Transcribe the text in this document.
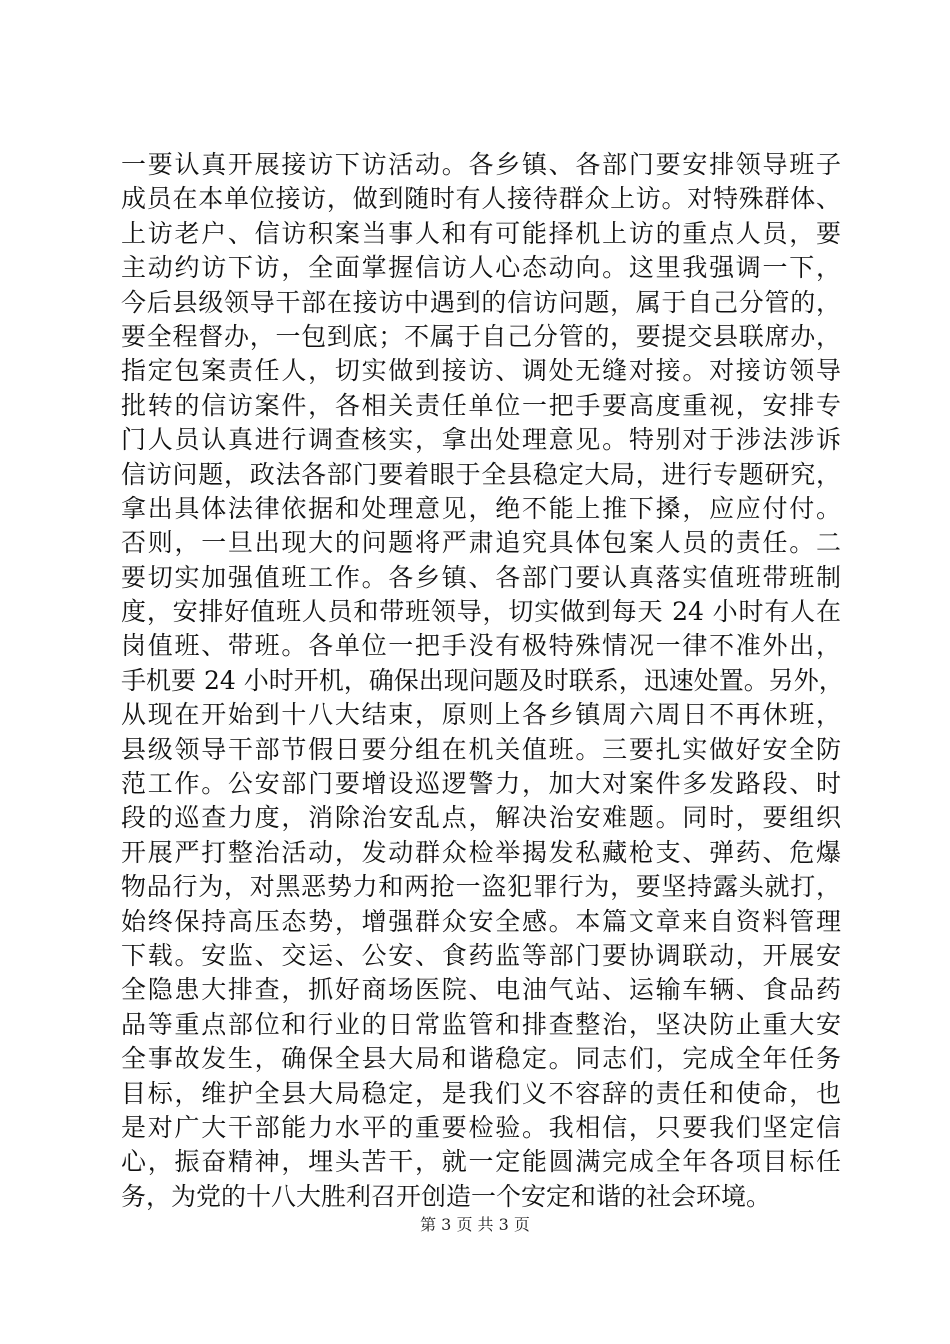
一要认真开展接访下访活动。各乡镇、各部门要安排领导班子
成员在本单位接访，做到随时有人接待群众上访。对特殊群体、
上访老户、信访积案当事人和有可能择机上访的重点人员，要
主动约访下访，全面掌握信访人心态动向。这里我强调一下，
今后县级领导干部在接访中遇到的信访问题，属于自己分管的，
要全程督办，一包到底；不属于自己分管的，要提交县联席办，
指定包案责任人，切实做到接访、调处无缝对接。对接访领导
批转的信访案件，各相关责任单位一把手要高度重视，安排专
门人员认真进行调查核实，拿出处理意见。特别对于涉法涉诉
信访问题，政法各部门要着眼于全县稳定大局，进行专题研究，
拿出具体法律依据和处理意见，绝不能上推下搡，应应付付。
否则，一旦出现大的问题将严肃追究具体包案人员的责任。二
要切实加强值班工作。各乡镇、各部门要认真落实值班带班制
度，安排好值班人员和带班领导，切实做到每天 24 小时有人在
岗值班、带班。各单位一把手没有极特殊情况一律不准外出，
手机要 24 小时开机，确保出现问题及时联系，迅速处置。另外，
从现在开始到十八大结束，原则上各乡镇周六周日不再休班，
县级领导干部节假日要分组在机关值班。三要扎实做好安全防
范工作。公安部门要增设巡逻警力，加大对案件多发路段、时
段的巡查力度，消除治安乱点，解决治安难题。同时，要组织
开展严打整治活动，发动群众检举揭发私藏枪支、弹药、危爆
物品行为，对黑恶势力和两抢一盗犯罪行为，要坚持露头就打，
始终保持高压态势，增强群众安全感。本篇文章来自资料管理
下载。安监、交运、公安、食药监等部门要协调联动，开展安
全隐患大排查，抓好商场医院、电油气站、运输车辆、食品药
品等重点部位和行业的日常监管和排查整治，坚决防止重大安
全事故发生，确保全县大局和谐稳定。同志们，完成全年任务
目标，维护全县大局稳定，是我们义不容辞的责任和使命，也
是对广大干部能力水平的重要检验。我相信，只要我们坚定信
心，振奋精神，埋头苦干，就一定能圆满完成全年各项目标任
务，为党的十八大胜利召开创造一个安定和谐的社会环境。
第 3 页 共 3 页
